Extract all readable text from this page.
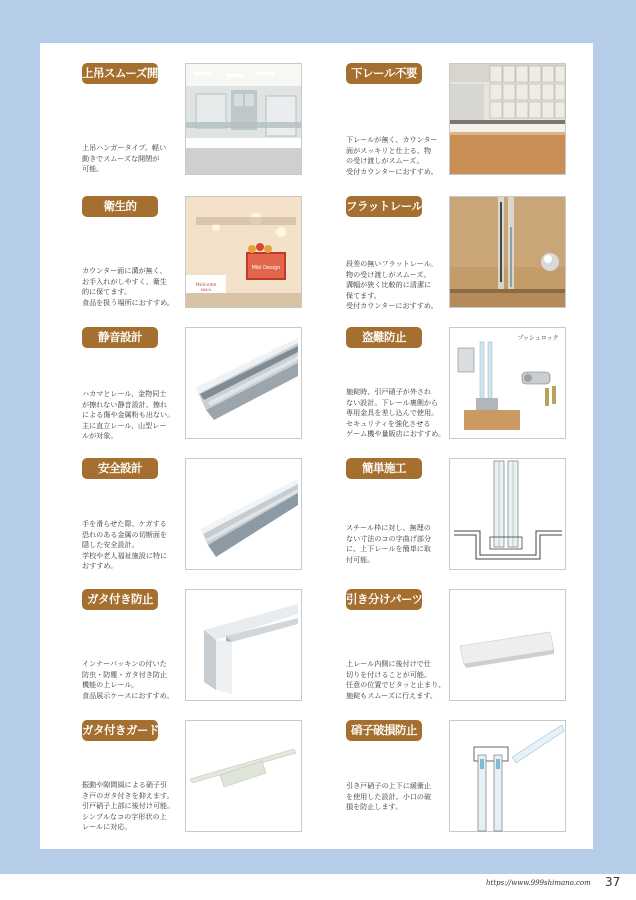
上吊スムーズ開閉
上吊ハンガータイプ。軽い
動きでスムーズな開閉が
可能。
下レール不要
下レールが無く、カウンター
面がスッキリと仕上る。物
の受け渡しがスムーズ。
受付カウンターにおすすめ。
衛生的
カウンター面に溝が無く、
お手入れがしやすく、衛生
的に保てます。
食品を扱う場所におすすめ。
Miki Design
Welcome
Miki's
フラットレール
段差の無いフラットレール。
物の受け渡しがスムーズ。
溝幅が狭く比較的に清潔に
保てます。
受付カウンターにおすすめ。
静音設計
ハカマとレール、金物同士
が擦れない静音設計。擦れ
による傷や金属粉も出ない。
主に直立レール、山型レー
ルが対象。
盗難防止
施錠時、引戸硝子が外され
ない設計。下レール裏側から
専用金具を差し込んで使用。
セキュリティを強化させる
ゲーム機や量販店におすすめ。
プッシュロック
安全設計
手を滑らせた際、ケガする
恐れのある金属の切断面を
隠した安全設計。
学校や老人福祉施設に特に
おすすめ。
簡単施工
スチール枠に対し、無理の
ない寸法のコの字曲げ部分
に、上下レールを簡単に取
付可能。
ガタ付き防止
インナーパッキンの付いた
防虫・防塵・ガタ付き防止
機能の上レール。
食品展示ケースにおすすめ。
引き分けパーツ対応
上レール内側に後付けで仕
切りを付けることが可能。
任意の位置でピタッと止まり、
施錠もスムーズに行えます。
ガタ付きガード対応
振動や隙間風による硝子引
き戸のガタ付きを抑えます。
引戸硝子上部に後付け可能。
シンプルなコの字形状の上
レールに対応。
硝子破損防止
引き戸硝子の上下に緩衝止
を使用した設計。小口の破
損を防止します。
https://www.999shimano.com 37
